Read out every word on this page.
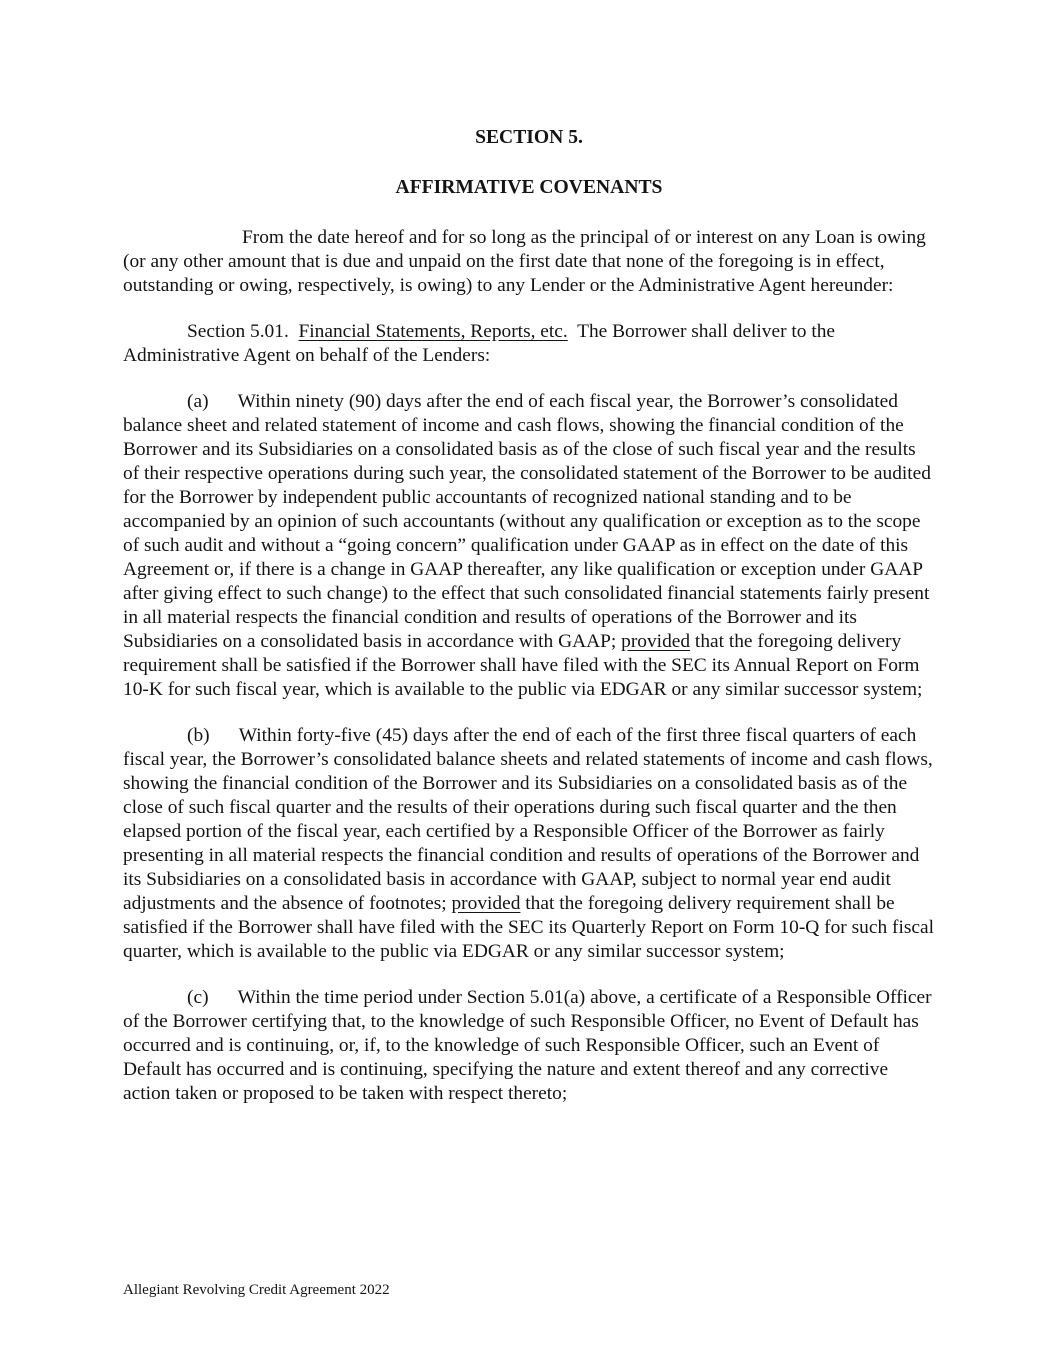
SECTION 5.
AFFIRMATIVE COVENANTS

From the date hereof and for so long as the principal of or interest on any Loan is owing (or any other amount that is due and unpaid on the first date that none of the foregoing is in effect, outstanding or owing, respectively, is owing) to any Lender or the Administrative Agent hereunder:

Section 5.01.  Financial Statements, Reports, etc.  The Borrower shall deliver to the Administrative Agent on behalf of the Lenders:

(a)  Within ninety (90) days after the end of each fiscal year, the Borrower’s consolidated balance sheet and related statement of income and cash flows, showing the financial condition of the Borrower and its Subsidiaries on a consolidated basis as of the close of such fiscal year and the results of their respective operations during such year, the consolidated statement of the Borrower to be audited for the Borrower by independent public accountants of recognized national standing and to be accompanied by an opinion of such accountants (without any qualification or exception as to the scope of such audit and without a “going concern” qualification under GAAP as in effect on the date of this Agreement or, if there is a change in GAAP thereafter, any like qualification or exception under GAAP after giving effect to such change) to the effect that such consolidated financial statements fairly present in all material respects the financial condition and results of operations of the Borrower and its Subsidiaries on a consolidated basis in accordance with GAAP; provided that the foregoing delivery requirement shall be satisfied if the Borrower shall have filed with the SEC its Annual Report on Form 10-K for such fiscal year, which is available to the public via EDGAR or any similar successor system;

(b)  Within forty-five (45) days after the end of each of the first three fiscal quarters of each fiscal year, the Borrower’s consolidated balance sheets and related statements of income and cash flows, showing the financial condition of the Borrower and its Subsidiaries on a consolidated basis as of the close of such fiscal quarter and the results of their operations during such fiscal quarter and the then elapsed portion of the fiscal year, each certified by a Responsible Officer of the Borrower as fairly presenting in all material respects the financial condition and results of operations of the Borrower and its Subsidiaries on a consolidated basis in accordance with GAAP, subject to normal year end audit adjustments and the absence of footnotes; provided that the foregoing delivery requirement shall be satisfied if the Borrower shall have filed with the SEC its Quarterly Report on Form 10-Q for such fiscal quarter, which is available to the public via EDGAR or any similar successor system;

(c)  Within the time period under Section 5.01(a) above, a certificate of a Responsible Officer of the Borrower certifying that, to the knowledge of such Responsible Officer, no Event of Default has occurred and is continuing, or, if, to the knowledge of such Responsible Officer, such an Event of Default has occurred and is continuing, specifying the nature and extent thereof and any corrective action taken or proposed to be taken with respect thereto;

Allegiant Revolving Credit Agreement 2022
